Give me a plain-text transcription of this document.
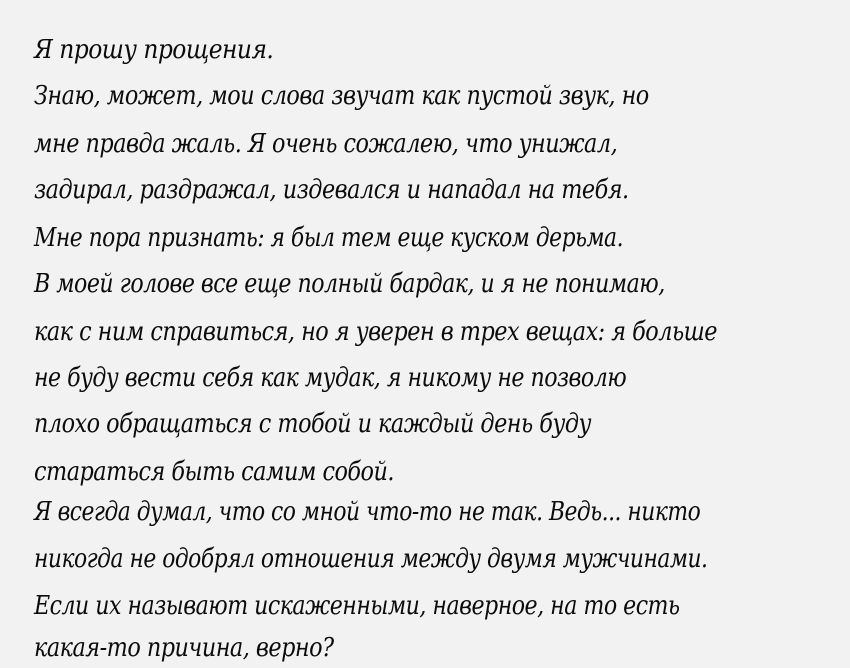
Я прошу прощения.

Знаю, может, мои слова звучат как пустой звук, но

мне правда жаль. Я очень сожалею, что унижал,

задирал, раздражал, издевался и нападал на тебя.

Мне пора признать: я был тем еще куском дерьма.

В моей голове все еще полный бардак, и я не понимаю,

как с ним справиться, но я уверен в трех вещах: я больше

не буду вести себя как мудак, я никому не позволю

плохо обращаться с тобой и каждый день буду

стараться быть самим собой.

Я всегда думал, что со мной что-то не так. Ведь... никто

никогда не одобрял отношения между двумя мужчинами.

Если их называют искаженными, наверное, на то есть

какая-то причина, верно?
